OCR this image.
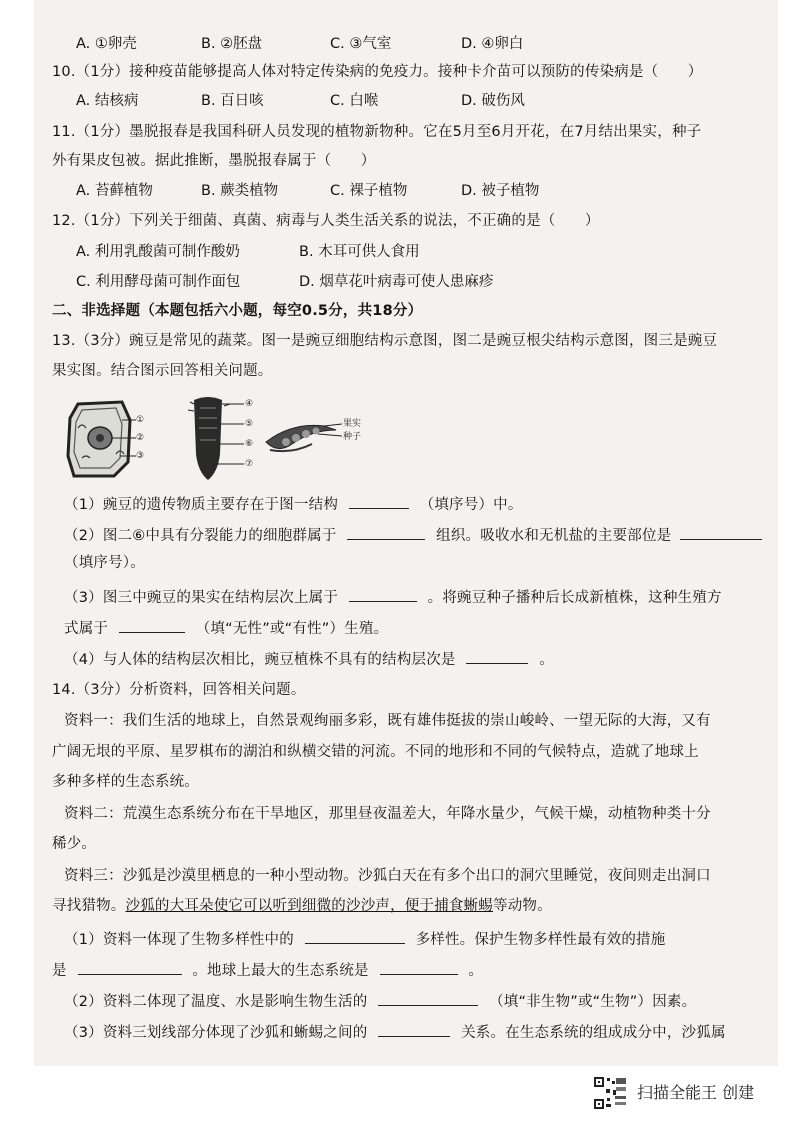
A. ①卵壳	B. ②胚盘	C. ③气室	D. ④卵白
10.（1分）接种疫苗能够提高人体对特定传染病的免疫力。接种卡介苗可以预防的传染病是（　　）
A. 结核病	B. 百日咳	C. 白喉	D. 破伤风
11.（1分）墨脱报春是我国科研人员发现的植物新物种。它在5月至6月开花，在7月结出果实，种子
外有果皮包被。据此推断，墨脱报春属于（　　）
A. 苔藓植物	B. 蕨类植物	C. 裸子植物	D. 被子植物
12.（1分）下列关于细菌、真菌、病毒与人类生活关系的说法，不正确的是（　　）
A. 利用乳酸菌可制作酸奶	B. 木耳可供人食用
C. 利用酵母菌可制作面包	D. 烟草花叶病毒可使人患麻疹
二、非选择题（本题包括六小题，每空0.5分，共18分）
13.（3分）豌豆是常见的蔬菜。图一是豌豆细胞结构示意图，图二是豌豆根尖结构示意图，图三是豌豆
果实图。结合图示回答相关问题。
①
②
③
④
⑤
⑥
⑦
果实
种子
（1）豌豆的遗传物质主要存在于图一结构	（填序号）中。
（2）图二⑥中具有分裂能力的细胞群属于	组织。吸收水和无机盐的主要部位是
（填序号）。
（3）图三中豌豆的果实在结构层次上属于	。将豌豆种子播种后长成新植株，这种生殖方
式属于	（填“无性”或“有性”）生殖。
（4）与人体的结构层次相比，豌豆植株不具有的结构层次是	。
14.（3分）分析资料，回答相关问题。
资料一：我们生活的地球上，自然景观绚丽多彩，既有雄伟挺拔的崇山峻岭、一望无际的大海，又有
广阔无垠的平原、星罗棋布的湖泊和纵横交错的河流。不同的地形和不同的气候特点，造就了地球上
多种多样的生态系统。
资料二：荒漠生态系统分布在干旱地区，那里昼夜温差大，年降水量少，气候干燥，动植物种类十分
稀少。
资料三：沙狐是沙漠里栖息的一种小型动物。沙狐白天在有多个出口的洞穴里睡觉，夜间则走出洞口
寻找猎物。沙狐的大耳朵使它可以听到细微的沙沙声，便于捕食蜥蜴等动物。
（1）资料一体现了生物多样性中的	多样性。保护生物多样性最有效的措施
是	。地球上最大的生态系统是	。
（2）资料二体现了温度、水是影响生物生活的	（填“非生物”或“生物”）因素。
（3）资料三划线部分体现了沙狐和蜥蜴之间的	关系。在生态系统的组成成分中，沙狐属
扫描全能王 创建
